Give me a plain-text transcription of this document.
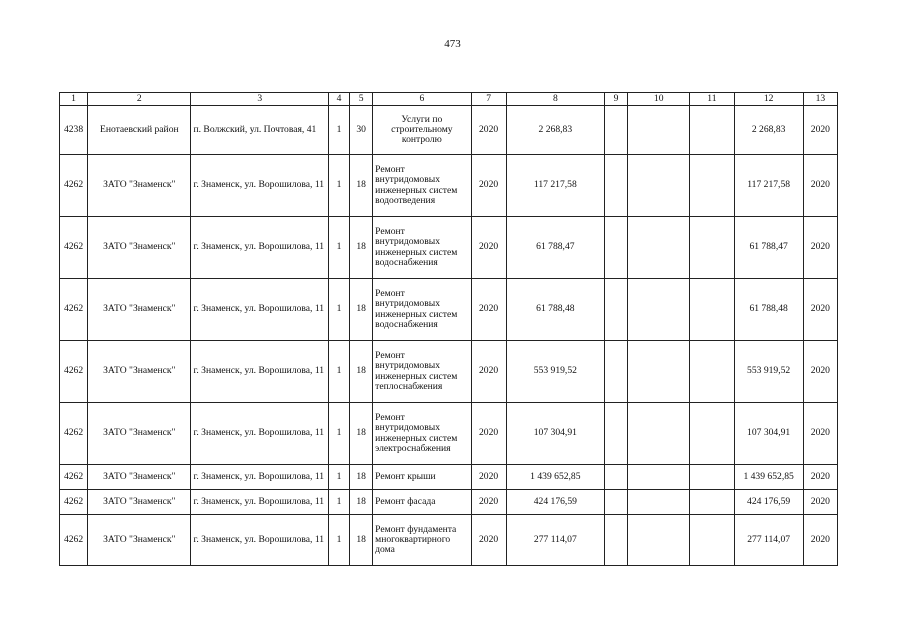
473
1	2	3	4	5	6	7	8	9	10	11	12	13
4238	Енотаевский район	п. Волжский, ул. Почтовая, 41	1	30	Услуги по строительному контролю	2020	2 268,83				2 268,83	2020
4262	ЗАТО "Знаменск"	г. Знаменск, ул. Ворошилова, 11	1	18	Ремонт внутридомовых инженерных систем водоотведения	2020	117 217,58				117 217,58	2020
4262	ЗАТО "Знаменск"	г. Знаменск, ул. Ворошилова, 11	1	18	Ремонт внутридомовых инженерных систем водоснабжения	2020	61 788,47				61 788,47	2020
4262	ЗАТО "Знаменск"	г. Знаменск, ул. Ворошилова, 11	1	18	Ремонт внутридомовых инженерных систем водоснабжения	2020	61 788,48				61 788,48	2020
4262	ЗАТО "Знаменск"	г. Знаменск, ул. Ворошилова, 11	1	18	Ремонт внутридомовых инженерных систем теплоснабжения	2020	553 919,52				553 919,52	2020
4262	ЗАТО "Знаменск"	г. Знаменск, ул. Ворошилова, 11	1	18	Ремонт внутридомовых инженерных систем электроснабжения	2020	107 304,91				107 304,91	2020
4262	ЗАТО "Знаменск"	г. Знаменск, ул. Ворошилова, 11	1	18	Ремонт крыши	2020	1 439 652,85				1 439 652,85	2020
4262	ЗАТО "Знаменск"	г. Знаменск, ул. Ворошилова, 11	1	18	Ремонт фасада	2020	424 176,59				424 176,59	2020
4262	ЗАТО "Знаменск"	г. Знаменск, ул. Ворошилова, 11	1	18	Ремонт фундамента многоквартирного дома	2020	277 114,07				277 114,07	2020
